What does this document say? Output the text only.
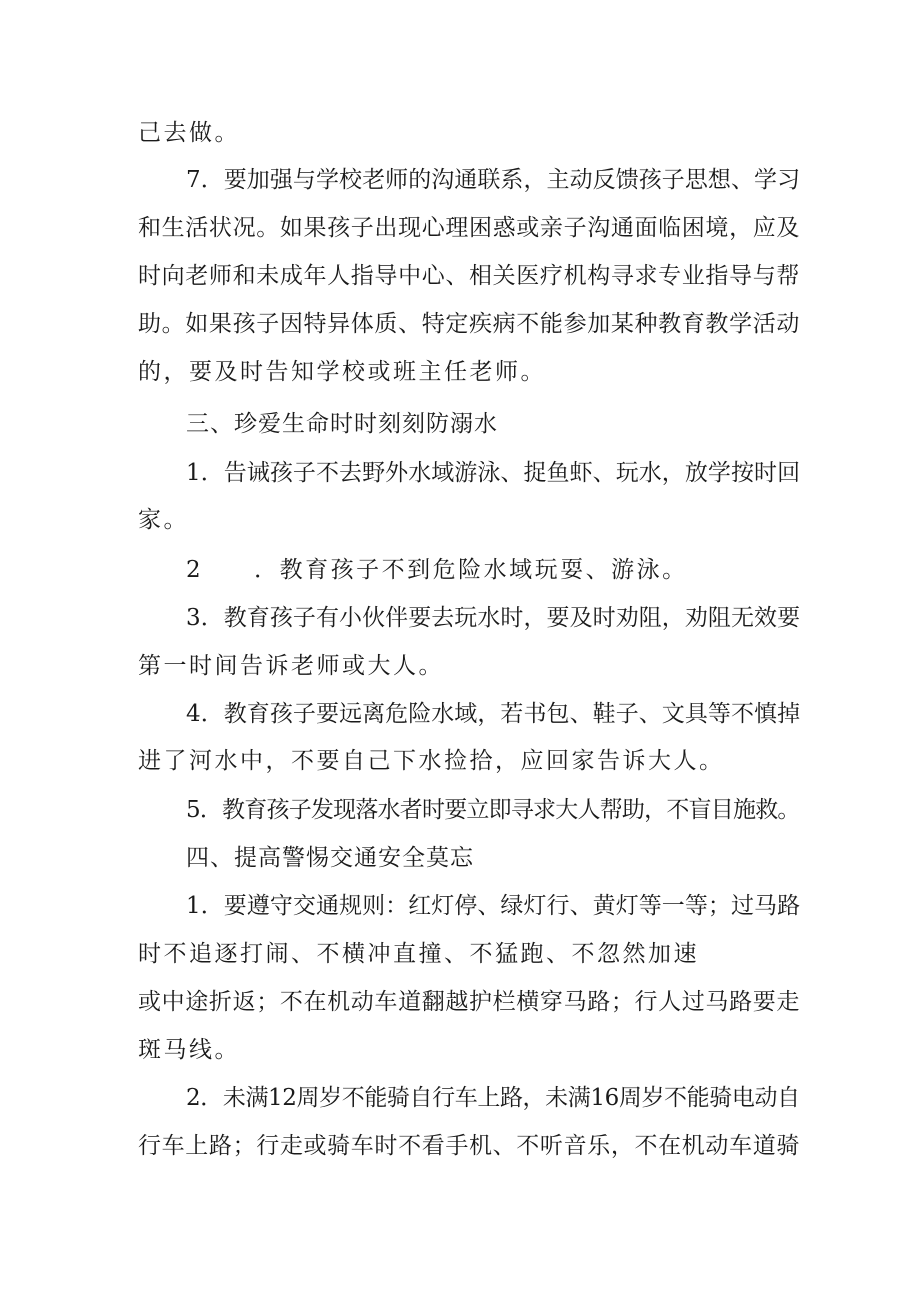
己去做。
7．要加强与学校老师的沟通联系，主动反馈孩子思想、学习
和生活状况。如果孩子出现心理困惑或亲子沟通面临困境，应及
时向老师和未成年人指导中心、相关医疗机构寻求专业指导与帮
助。如果孩子因特异体质、特定疾病不能参加某种教育教学活动
的，要及时告知学校或班主任老师。
三、珍爱生命时时刻刻防溺水
1．告诫孩子不去野外水域游泳、捉鱼虾、玩水，放学按时回
家。
2　　．教育孩子不到危险水域玩耍、游泳。
3．教育孩子有小伙伴要去玩水时，要及时劝阻，劝阻无效要
第一时间告诉老师或大人。
4．教育孩子要远离危险水域，若书包、鞋子、文具等不慎掉
进了河水中，不要自己下水捡拾，应回家告诉大人。
5．教育孩子发现落水者时要立即寻求大人帮助，不盲目施救。
四、提高警惕交通安全莫忘
1．要遵守交通规则：红灯停、绿灯行、黄灯等一等；过马路
时不追逐打闹、不横冲直撞、不猛跑、不忽然加速
或中途折返；不在机动车道翻越护栏横穿马路；行人过马路要走
斑马线。
2．未满12周岁不能骑自行车上路，未满16周岁不能骑电动自
行车上路；行走或骑车时不看手机、不听音乐，不在机动车道骑
